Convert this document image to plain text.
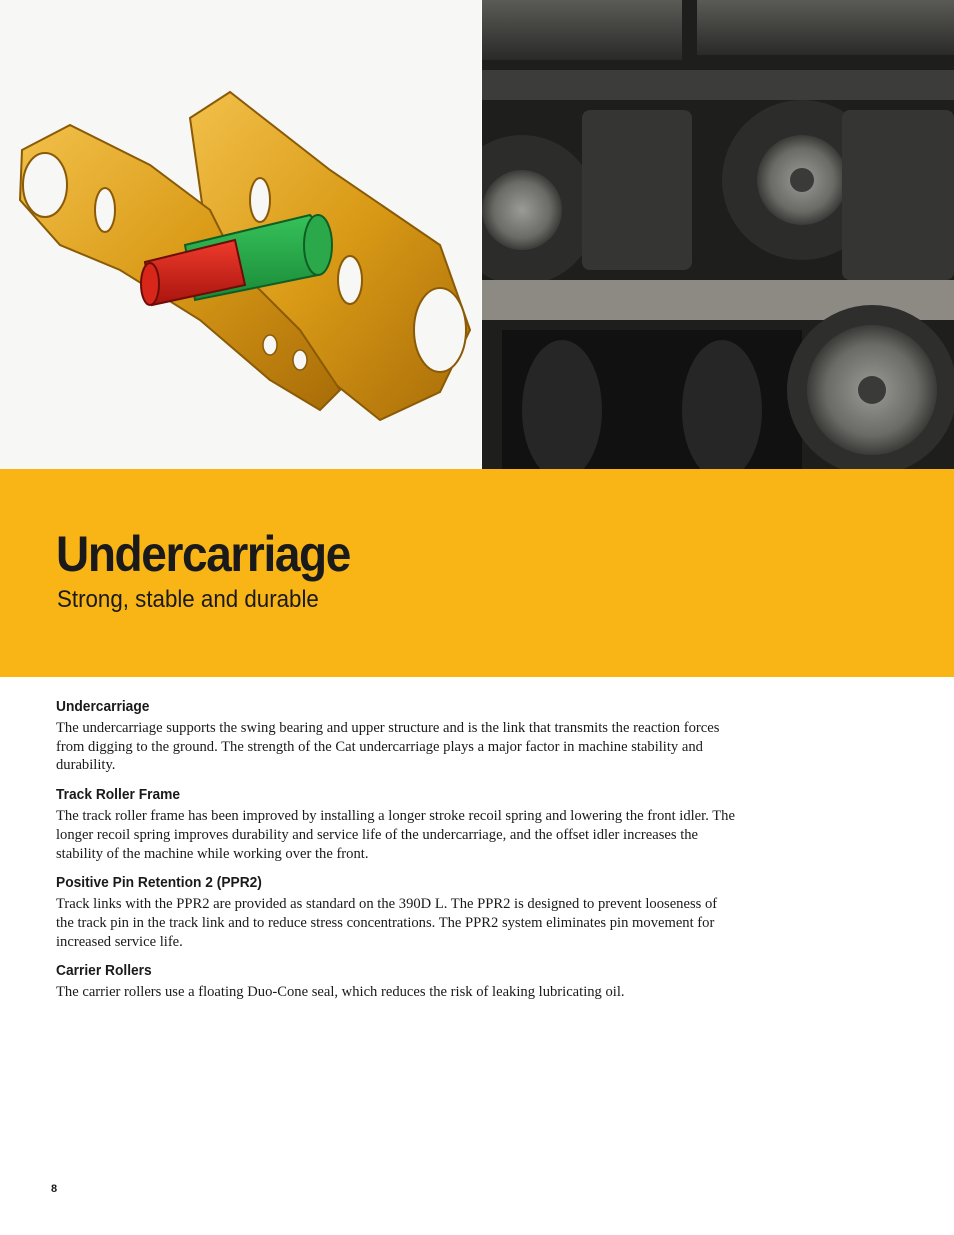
Undercarriage
Strong, stable and durable
Undercarriage

The undercarriage supports the swing bearing and upper structure and is the link that transmits the reaction forces from digging to the ground. The strength of the Cat undercarriage plays a major factor in machine stability and durability.

Track Roller Frame

The track roller frame has been improved by installing a longer stroke recoil spring and lowering the front idler. The longer recoil spring improves durability and service life of the undercarriage, and the offset idler increases the stability of the machine while working over the front.

Positive Pin Retention 2 (PPR2)

Track links with the PPR2 are provided as standard on the 390D L. The PPR2 is designed to prevent looseness of the track pin in the track link and to reduce stress concentrations. The PPR2 system eliminates pin movement for increased service life.

Carrier Rollers

The carrier rollers use a floating Duo-Cone seal, which reduces the risk of leaking lubricating oil.

8
